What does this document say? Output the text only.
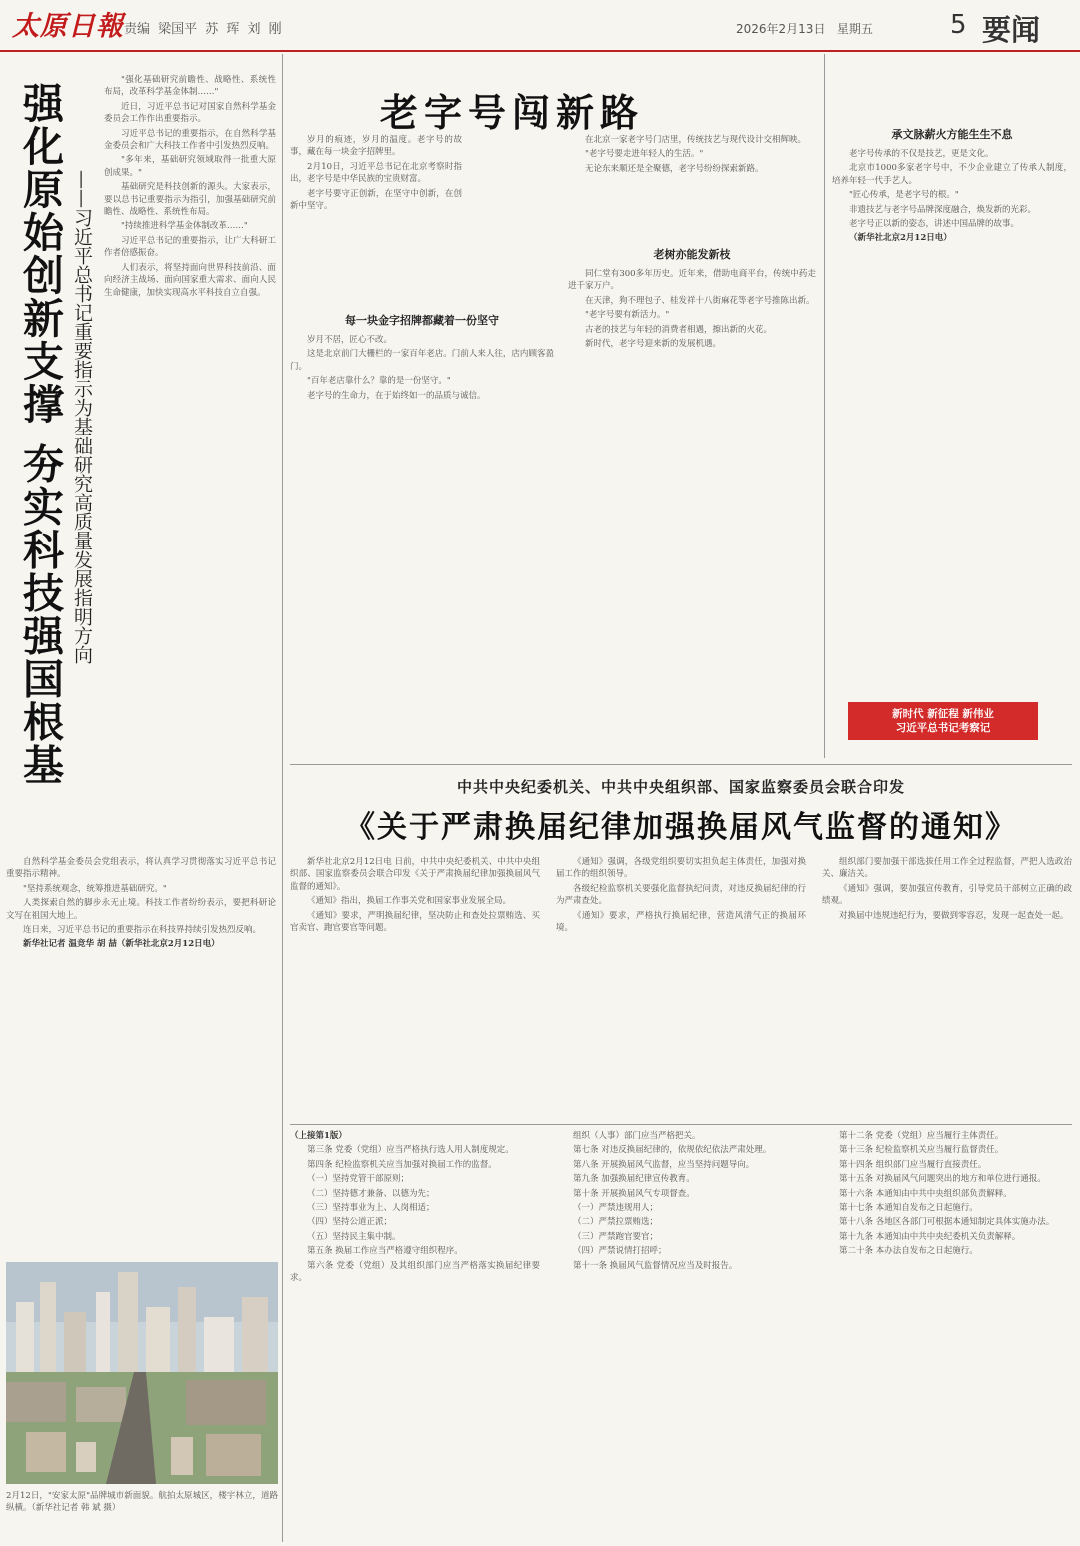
太原日報 责编 梁国平 苏 珲 刘 刚	2026年2月13日 星期五	5 要闻
强化原始创新支撑 夯实科技强国根基 ——习近平总书记重要指示为基础研究高质量发展指明方向

"强化基础研究前瞻性、战略性、系统性布局，改革科学基金体制……"

近日，习近平总书记对国家自然科学基金委员会工作作出重要指示。

习近平总书记的重要指示，在自然科学基金委员会和广大科技工作者中引发热烈反响。

"多年来，基础研究领域取得一批重大原创成果。"

基础研究是科技创新的源头。大家表示，要以总书记重要指示为指引，加强基础研究前瞻性、战略性、系统性布局。

"持续推进科学基金体制改革……"

习近平总书记的重要指示，让广大科研工作者倍感振奋。

人们表示，将坚持面向世界科技前沿、面向经济主战场、面向国家重大需求、面向人民生命健康，加快实现高水平科技自立自强。

自然科学基金委员会党组表示，将认真学习贯彻落实习近平总书记重要指示精神。

"坚持系统观念，统筹推进基础研究。"

人类探索自然的脚步永无止境。科技工作者纷纷表示，要把科研论文写在祖国大地上。

连日来，习近平总书记的重要指示在科技界持续引发热烈反响。

新华社记者 温竞华 胡 喆（新华社北京2月12日电）

2月12日，"安家太原"品牌城市新面貌。航拍太原城区，楼宇林立，道路纵横。（新华社记者 韩 斌 摄）
老字号闯新路

岁月的痕迹，岁月的温度。老字号的故事，藏在每一块金字招牌里。

2月10日，习近平总书记在北京考察时指出，老字号是中华民族的宝贵财富。

老字号要守正创新，在坚守中创新，在创新中坚守。

每一块金字招牌都藏着一份坚守

岁月不居，匠心不改。

这是北京前门大栅栏的一家百年老店。门前人来人往，店内顾客盈门。

"百年老店靠什么？靠的是一份坚守。"

老字号的生命力，在于始终如一的品质与诚信。

在北京一家老字号门店里，传统技艺与现代设计交相辉映。

"老字号要走进年轻人的生活。"

无论东来顺还是全聚德，老字号纷纷探索新路。

老树亦能发新枝

同仁堂有300多年历史。近年来，借助电商平台，传统中药走进千家万户。

在天津，狗不理包子、桂发祥十八街麻花等老字号推陈出新。

"老字号要有新活力。"

古老的技艺与年轻的消费者相遇，擦出新的火花。

新时代，老字号迎来新的发展机遇。

承文脉薪火方能生生不息

老字号传承的不仅是技艺，更是文化。

北京市1000多家老字号中，不少企业建立了传承人制度，培养年轻一代手艺人。

"匠心传承，是老字号的根。"

非遗技艺与老字号品牌深度融合，焕发新的光彩。

老字号正以新的姿态，讲述中国品牌的故事。

（新华社北京2月12日电）

新时代 新征程 新伟业
习近平总书记考察记
中共中央纪委机关、中共中央组织部、国家监察委员会联合印发
《关于严肃换届纪律加强换届风气监督的通知》

新华社北京2月12日电 日前，中共中央纪委机关、中共中央组织部、国家监察委员会联合印发《关于严肃换届纪律加强换届风气监督的通知》。

《通知》指出，换届工作事关党和国家事业发展全局。

《通知》要求，严明换届纪律，坚决防止和查处拉票贿选、买官卖官、跑官要官等问题。

《通知》强调，各级党组织要切实担负起主体责任，加强对换届工作的组织领导。

各级纪检监察机关要强化监督执纪问责，对违反换届纪律的行为严肃查处。

《通知》要求，严格执行换届纪律，营造风清气正的换届环境。

组织部门要加强干部选拔任用工作全过程监督，严把人选政治关、廉洁关。

《通知》强调，要加强宣传教育，引导党员干部树立正确的政绩观。

对换届中违规违纪行为，要做到零容忍，发现一起查处一起。

（上接第1版）

第三条 党委（党组）应当严格执行选人用人制度规定。

第四条 纪检监察机关应当加强对换届工作的监督。

（一）坚持党管干部原则；

（二）坚持德才兼备、以德为先；

（三）坚持事业为上、人岗相适；

（四）坚持公道正派；

（五）坚持民主集中制。

第五条 换届工作应当严格遵守组织程序。

第六条 党委（党组）及其组织部门应当严格落实换届纪律要求。

组织（人事）部门应当严格把关。

第七条 对违反换届纪律的，依规依纪依法严肃处理。

第八条 开展换届风气监督，应当坚持问题导向。

第九条 加强换届纪律宣传教育。

第十条 开展换届风气专项督查。

（一）严禁违规用人；

（二）严禁拉票贿选；

（三）严禁跑官要官；

（四）严禁说情打招呼；

第十一条 换届风气监督情况应当及时报告。

第十二条 党委（党组）应当履行主体责任。

第十三条 纪检监察机关应当履行监督责任。

第十四条 组织部门应当履行直接责任。

第十五条 对换届风气问题突出的地方和单位进行通报。

第十六条 本通知由中共中央组织部负责解释。

第十七条 本通知自发布之日起施行。

第十八条 各地区各部门可根据本通知制定具体实施办法。

第十九条 本通知由中共中央纪委机关负责解释。

第二十条 本办法自发布之日起施行。
